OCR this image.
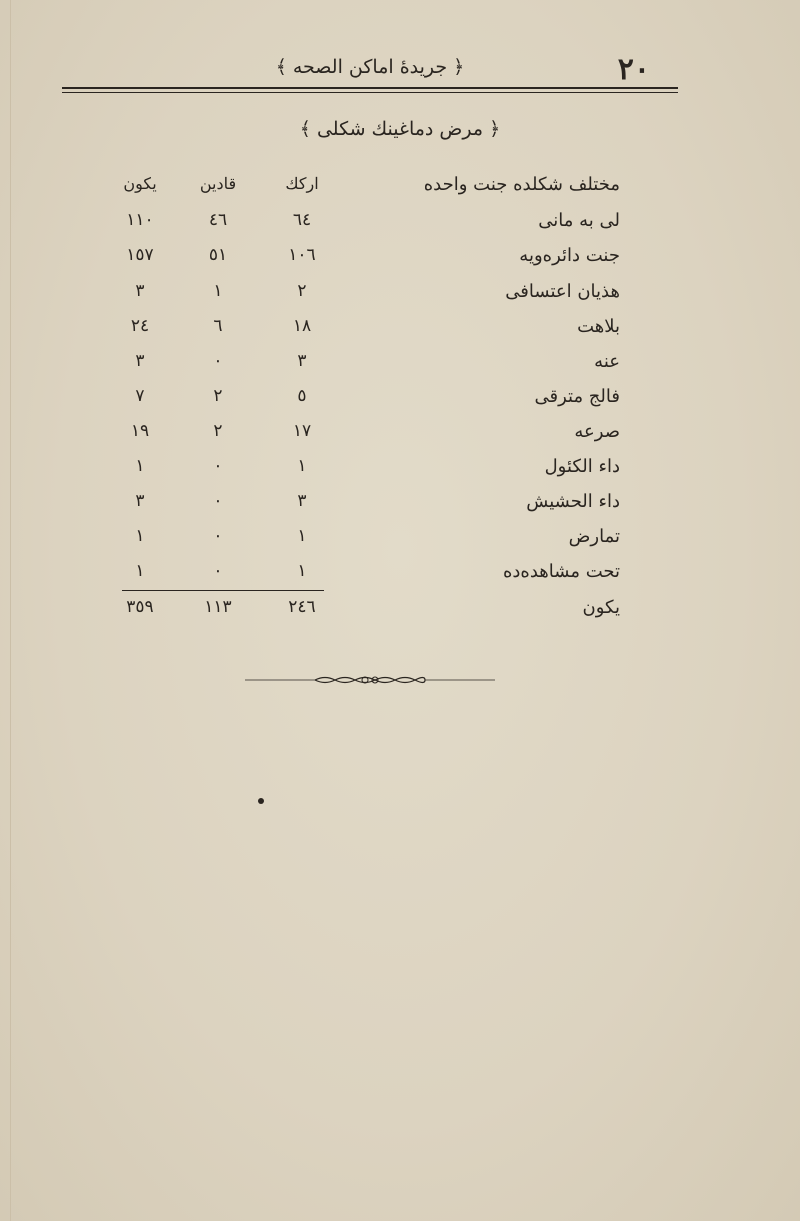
٢٠
﴿ جريدهٔ اماكن الصحه ﴾
﴿ مرض دماغينك شكلى ﴾
مختلف شكلده جنت واحده
اركك
قادين
يكون
لى به مانى
٦٤
٤٦
١١٠
جنت دائره‌ويه
١٠٦
٥١
١٥٧
هذيان اعتسافى
٢
١
٣
بلاهت
١٨
٦
٢٤
عنه
٣
٠
٣
فالج مترقى
٥
٢
٧
صرعه
١٧
٢
١٩
داء الكئول
١
٠
١
داء الحشيش
٣
٠
٣
تمارض
١
٠
١
تحت مشاهده‌ده
١
٠
١
يكون
٢٤٦
١١٣
٣٥٩
